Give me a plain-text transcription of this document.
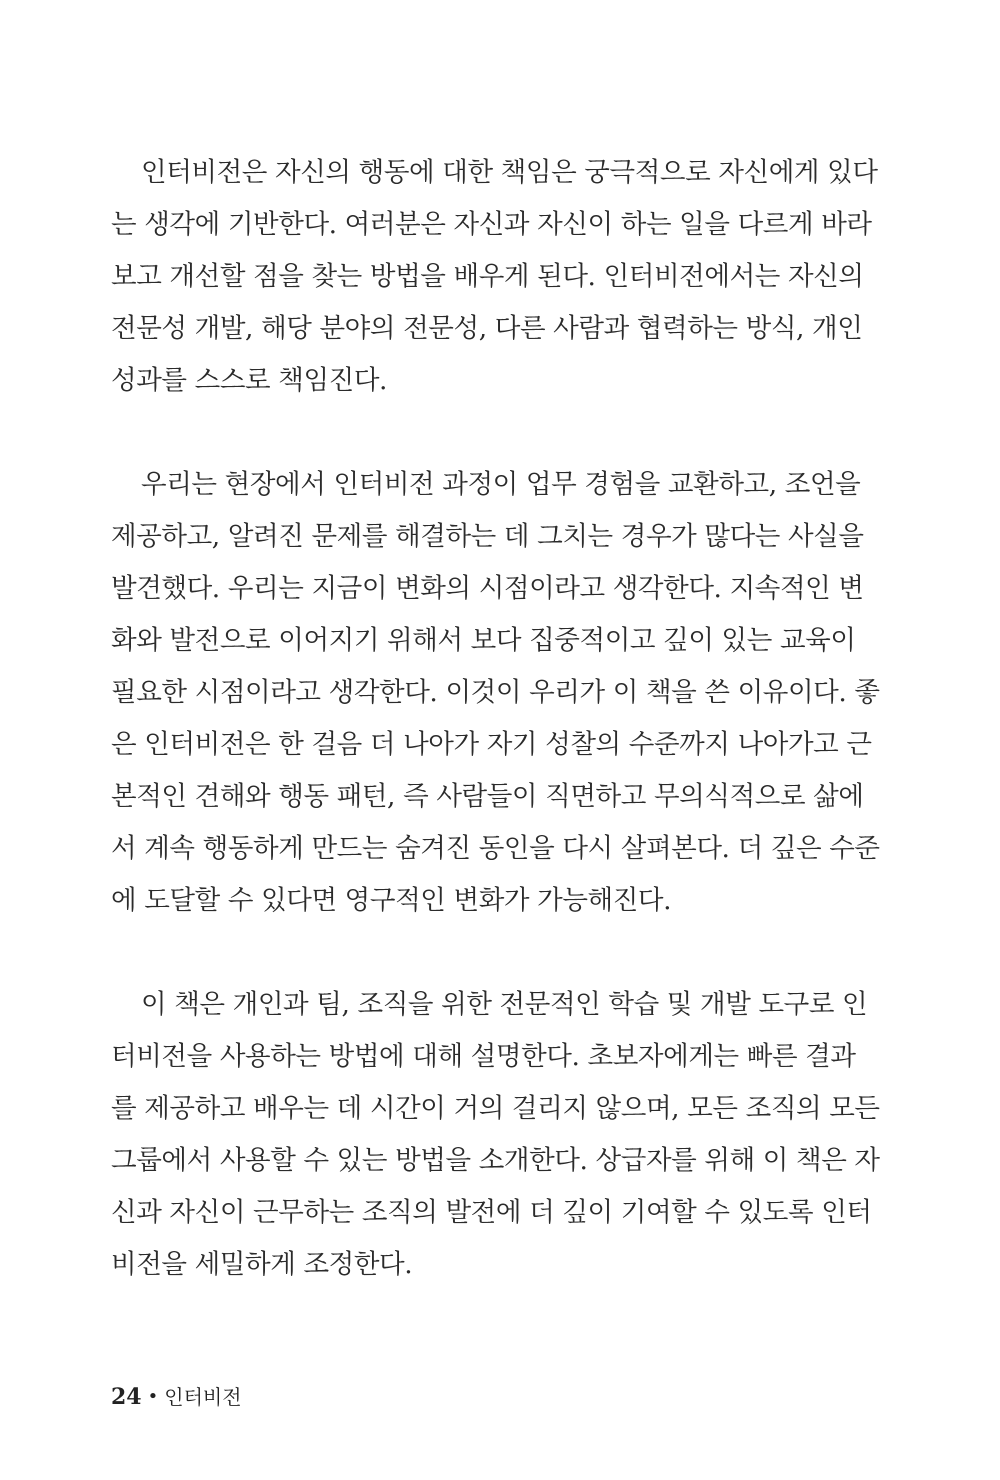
인터비전은 자신의 행동에 대한 책임은 궁극적으로 자신에게 있다
는 생각에 기반한다. 여러분은 자신과 자신이 하는 일을 다르게 바라
보고 개선할 점을 찾는 방법을 배우게 된다. 인터비전에서는 자신의
전문성 개발, 해당 분야의 전문성, 다른 사람과 협력하는 방식, 개인
성과를 스스로 책임진다.
우리는 현장에서 인터비전 과정이 업무 경험을 교환하고, 조언을
제공하고, 알려진 문제를 해결하는 데 그치는 경우가 많다는 사실을
발견했다. 우리는 지금이 변화의 시점이라고 생각한다. 지속적인 변
화와 발전으로 이어지기 위해서 보다 집중적이고 깊이 있는 교육이
필요한 시점이라고 생각한다. 이것이 우리가 이 책을 쓴 이유이다. 좋
은 인터비전은 한 걸음 더 나아가 자기 성찰의 수준까지 나아가고 근
본적인 견해와 행동 패턴, 즉 사람들이 직면하고 무의식적으로 삶에
서 계속 행동하게 만드는 숨겨진 동인을 다시 살펴본다. 더 깊은 수준
에 도달할 수 있다면 영구적인 변화가 가능해진다.
이 책은 개인과 팀, 조직을 위한 전문적인 학습 및 개발 도구로 인
터비전을 사용하는 방법에 대해 설명한다. 초보자에게는 빠른 결과
를 제공하고 배우는 데 시간이 거의 걸리지 않으며, 모든 조직의 모든
그룹에서 사용할 수 있는 방법을 소개한다. 상급자를 위해 이 책은 자
신과 자신이 근무하는 조직의 발전에 더 깊이 기여할 수 있도록 인터
비전을 세밀하게 조정한다.
24 • 인터비전
